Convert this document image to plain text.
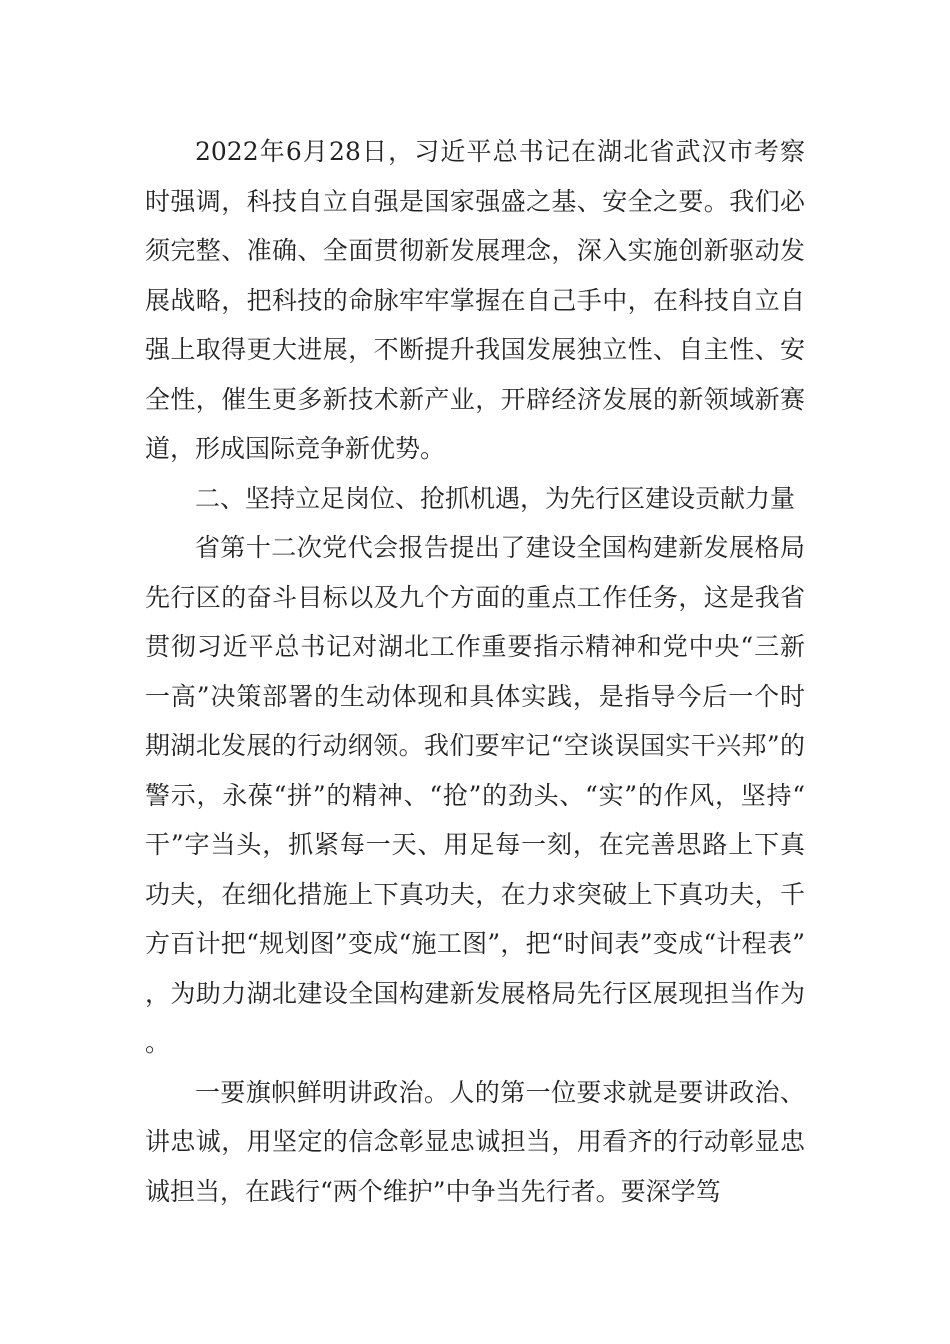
2022年6月28日，习近平总书记在湖北省武汉市考察时强调，科技自立自强是国家强盛之基、安全之要。我们必须完整、准确、全面贯彻新发展理念，深入实施创新驱动发展战略，把科技的命脉牢牢掌握在自己手中，在科技自立自强上取得更大进展，不断提升我国发展独立性、自主性、安全性，催生更多新技术新产业，开辟经济发展的新领域新赛道，形成国际竞争新优势。

二、坚持立足岗位、抢抓机遇，为先行区建设贡献力量

省第十二次党代会报告提出了建设全国构建新发展格局先行区的奋斗目标以及九个方面的重点工作任务，这是我省贯彻习近平总书记对湖北工作重要指示精神和党中央“三新一高”决策部署的生动体现和具体实践，是指导今后一个时期湖北发展的行动纲领。我们要牢记“空谈误国实干兴邦”的警示，永葆“拼”的精神、“抢”的劲头、“实”的作风，坚持“干”字当头，抓紧每一天、用足每一刻，在完善思路上下真功夫，在细化措施上下真功夫，在力求突破上下真功夫，千方百计把“规划图”变成“施工图”，把“时间表”变成“计程表”，为助力湖北建设全国构建新发展格局先行区展现担当作为。

一要旗帜鲜明讲政治。人的第一位要求就是要讲政治、讲忠诚，用坚定的信念彰显忠诚担当，用看齐的行动彰显忠诚担当，在践行“两个维护”中争当先行者。要深学笃
